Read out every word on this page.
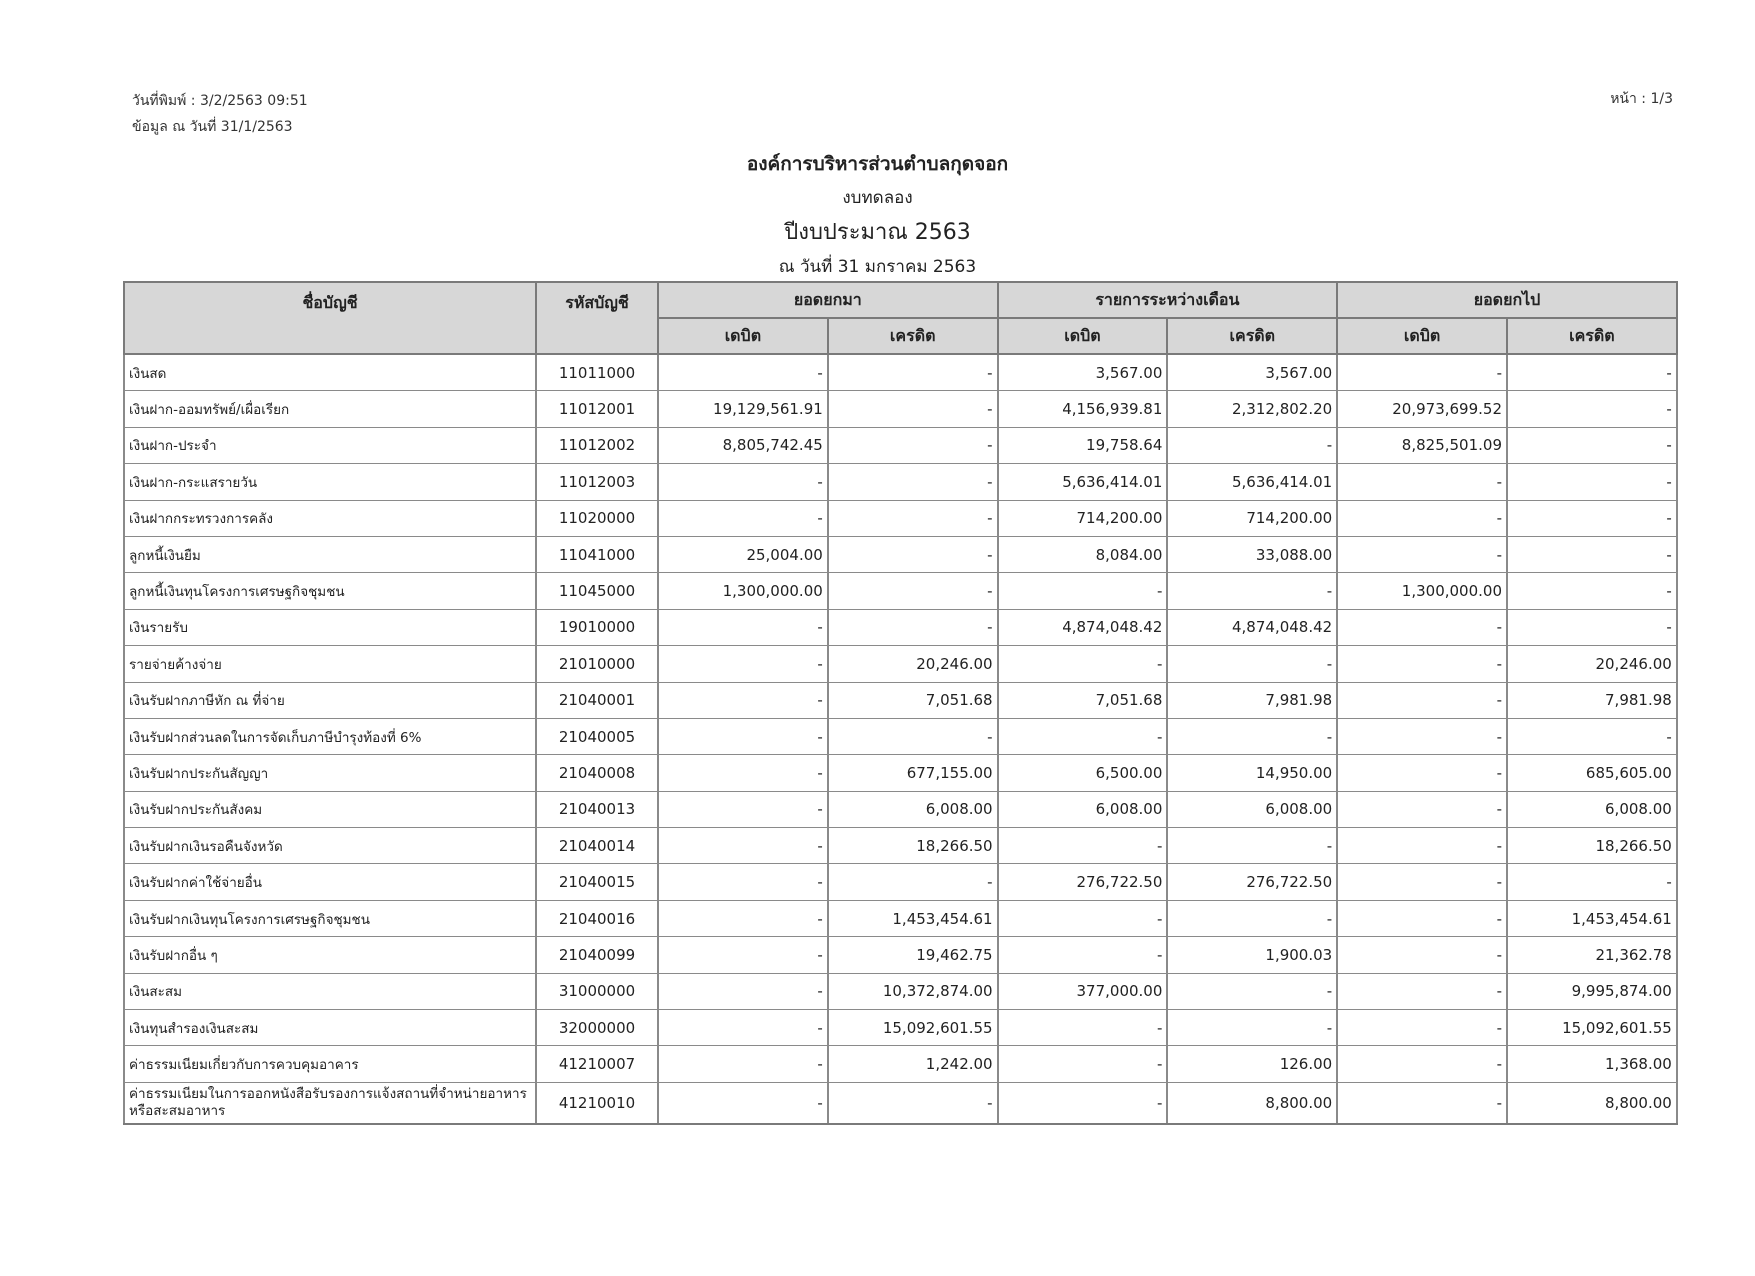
วันที่พิมพ์ : 3/2/2563 09:51
ข้อมูล ณ วันที่ 31/1/2563
หน้า : 1/3
องค์การบริหารส่วนตำบลกุดจอก
งบทดลอง
ปีงบประมาณ 2563
ณ วันที่ 31 มกราคม 2563
ชื่อบัญชี	รหัสบัญชี	ยอดยกมา		รายการระหว่างเดือน		ยอดยกไป	
		เดบิต	เครดิต	เดบิต	เครดิต	เดบิต	เครดิต
เงินสด	11011000	-	-	3,567.00	3,567.00	-	-
เงินฝาก-ออมทรัพย์/เผื่อเรียก	11012001	19,129,561.91	-	4,156,939.81	2,312,802.20	20,973,699.52	-
เงินฝาก-ประจำ	11012002	8,805,742.45	-	19,758.64	-	8,825,501.09	-
เงินฝาก-กระแสรายวัน	11012003	-	-	5,636,414.01	5,636,414.01	-	-
เงินฝากกระทรวงการคลัง	11020000	-	-	714,200.00	714,200.00	-	-
ลูกหนี้เงินยืม	11041000	25,004.00	-	8,084.00	33,088.00	-	-
ลูกหนี้เงินทุนโครงการเศรษฐกิจชุมชน	11045000	1,300,000.00	-	-	-	1,300,000.00	-
เงินรายรับ	19010000	-	-	4,874,048.42	4,874,048.42	-	-
รายจ่ายค้างจ่าย	21010000	-	20,246.00	-	-	-	20,246.00
เงินรับฝากภาษีหัก ณ ที่จ่าย	21040001	-	7,051.68	7,051.68	7,981.98	-	7,981.98
เงินรับฝากส่วนลดในการจัดเก็บภาษีบำรุงท้องที่ 6%	21040005	-	-	-	-	-	-
เงินรับฝากประกันสัญญา	21040008	-	677,155.00	6,500.00	14,950.00	-	685,605.00
เงินรับฝากประกันสังคม	21040013	-	6,008.00	6,008.00	6,008.00	-	6,008.00
เงินรับฝากเงินรอคืนจังหวัด	21040014	-	18,266.50	-	-	-	18,266.50
เงินรับฝากค่าใช้จ่ายอื่น	21040015	-	-	276,722.50	276,722.50	-	-
เงินรับฝากเงินทุนโครงการเศรษฐกิจชุมชน	21040016	-	1,453,454.61	-	-	-	1,453,454.61
เงินรับฝากอื่น ๆ	21040099	-	19,462.75	-	1,900.03	-	21,362.78
เงินสะสม	31000000	-	10,372,874.00	377,000.00	-	-	9,995,874.00
เงินทุนสำรองเงินสะสม	32000000	-	15,092,601.55	-	-	-	15,092,601.55
ค่าธรรมเนียมเกี่ยวกับการควบคุมอาคาร	41210007	-	1,242.00	-	126.00	-	1,368.00
ค่าธรรมเนียมในการออกหนังสือรับรองการแจ้งสถานที่จำหน่ายอาหารหรือสะสมอาหาร	41210010	-	-	-	8,800.00	-	8,800.00
